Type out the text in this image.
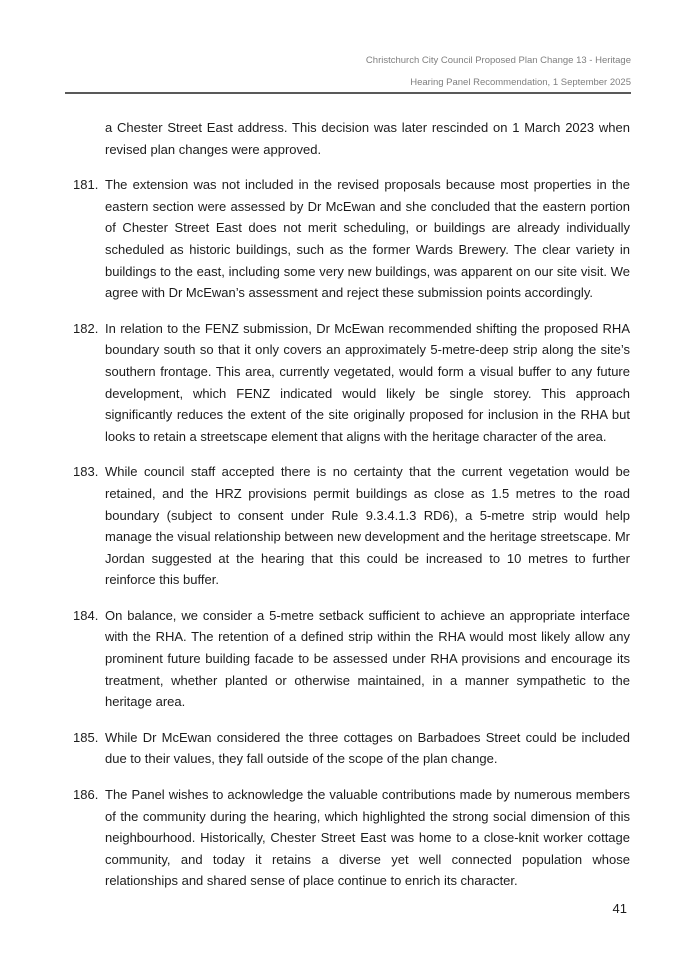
Christchurch City Council Proposed Plan Change 13 - Heritage
Hearing Panel Recommendation, 1 September 2025
a Chester Street East address. This decision was later rescinded on 1 March 2023 when revised plan changes were approved.
181. The extension was not included in the revised proposals because most properties in the eastern section were assessed by Dr McEwan and she concluded that the eastern portion of Chester Street East does not merit scheduling, or buildings are already individually scheduled as historic buildings, such as the former Wards Brewery. The clear variety in buildings to the east, including some very new buildings, was apparent on our site visit. We agree with Dr McEwan’s assessment and reject these submission points accordingly.
182. In relation to the FENZ submission, Dr McEwan recommended shifting the proposed RHA boundary south so that it only covers an approximately 5-metre-deep strip along the site’s southern frontage. This area, currently vegetated, would form a visual buffer to any future development, which FENZ indicated would likely be single storey. This approach significantly reduces the extent of the site originally proposed for inclusion in the RHA but looks to retain a streetscape element that aligns with the heritage character of the area.
183. While council staff accepted there is no certainty that the current vegetation would be retained, and the HRZ provisions permit buildings as close as 1.5 metres to the road boundary (subject to consent under Rule 9.3.4.1.3 RD6), a 5-metre strip would help manage the visual relationship between new development and the heritage streetscape. Mr Jordan suggested at the hearing that this could be increased to 10 metres to further reinforce this buffer.
184. On balance, we consider a 5-metre setback sufficient to achieve an appropriate interface with the RHA. The retention of a defined strip within the RHA would most likely allow any prominent future building facade to be assessed under RHA provisions and encourage its treatment, whether planted or otherwise maintained, in a manner sympathetic to the heritage area.
185. While Dr McEwan considered the three cottages on Barbadoes Street could be included due to their values, they fall outside of the scope of the plan change.
186. The Panel wishes to acknowledge the valuable contributions made by numerous members of the community during the hearing, which highlighted the strong social dimension of this neighbourhood. Historically, Chester Street East was home to a close-knit worker cottage community, and today it retains a diverse yet well connected population whose relationships and shared sense of place continue to enrich its character.
41
